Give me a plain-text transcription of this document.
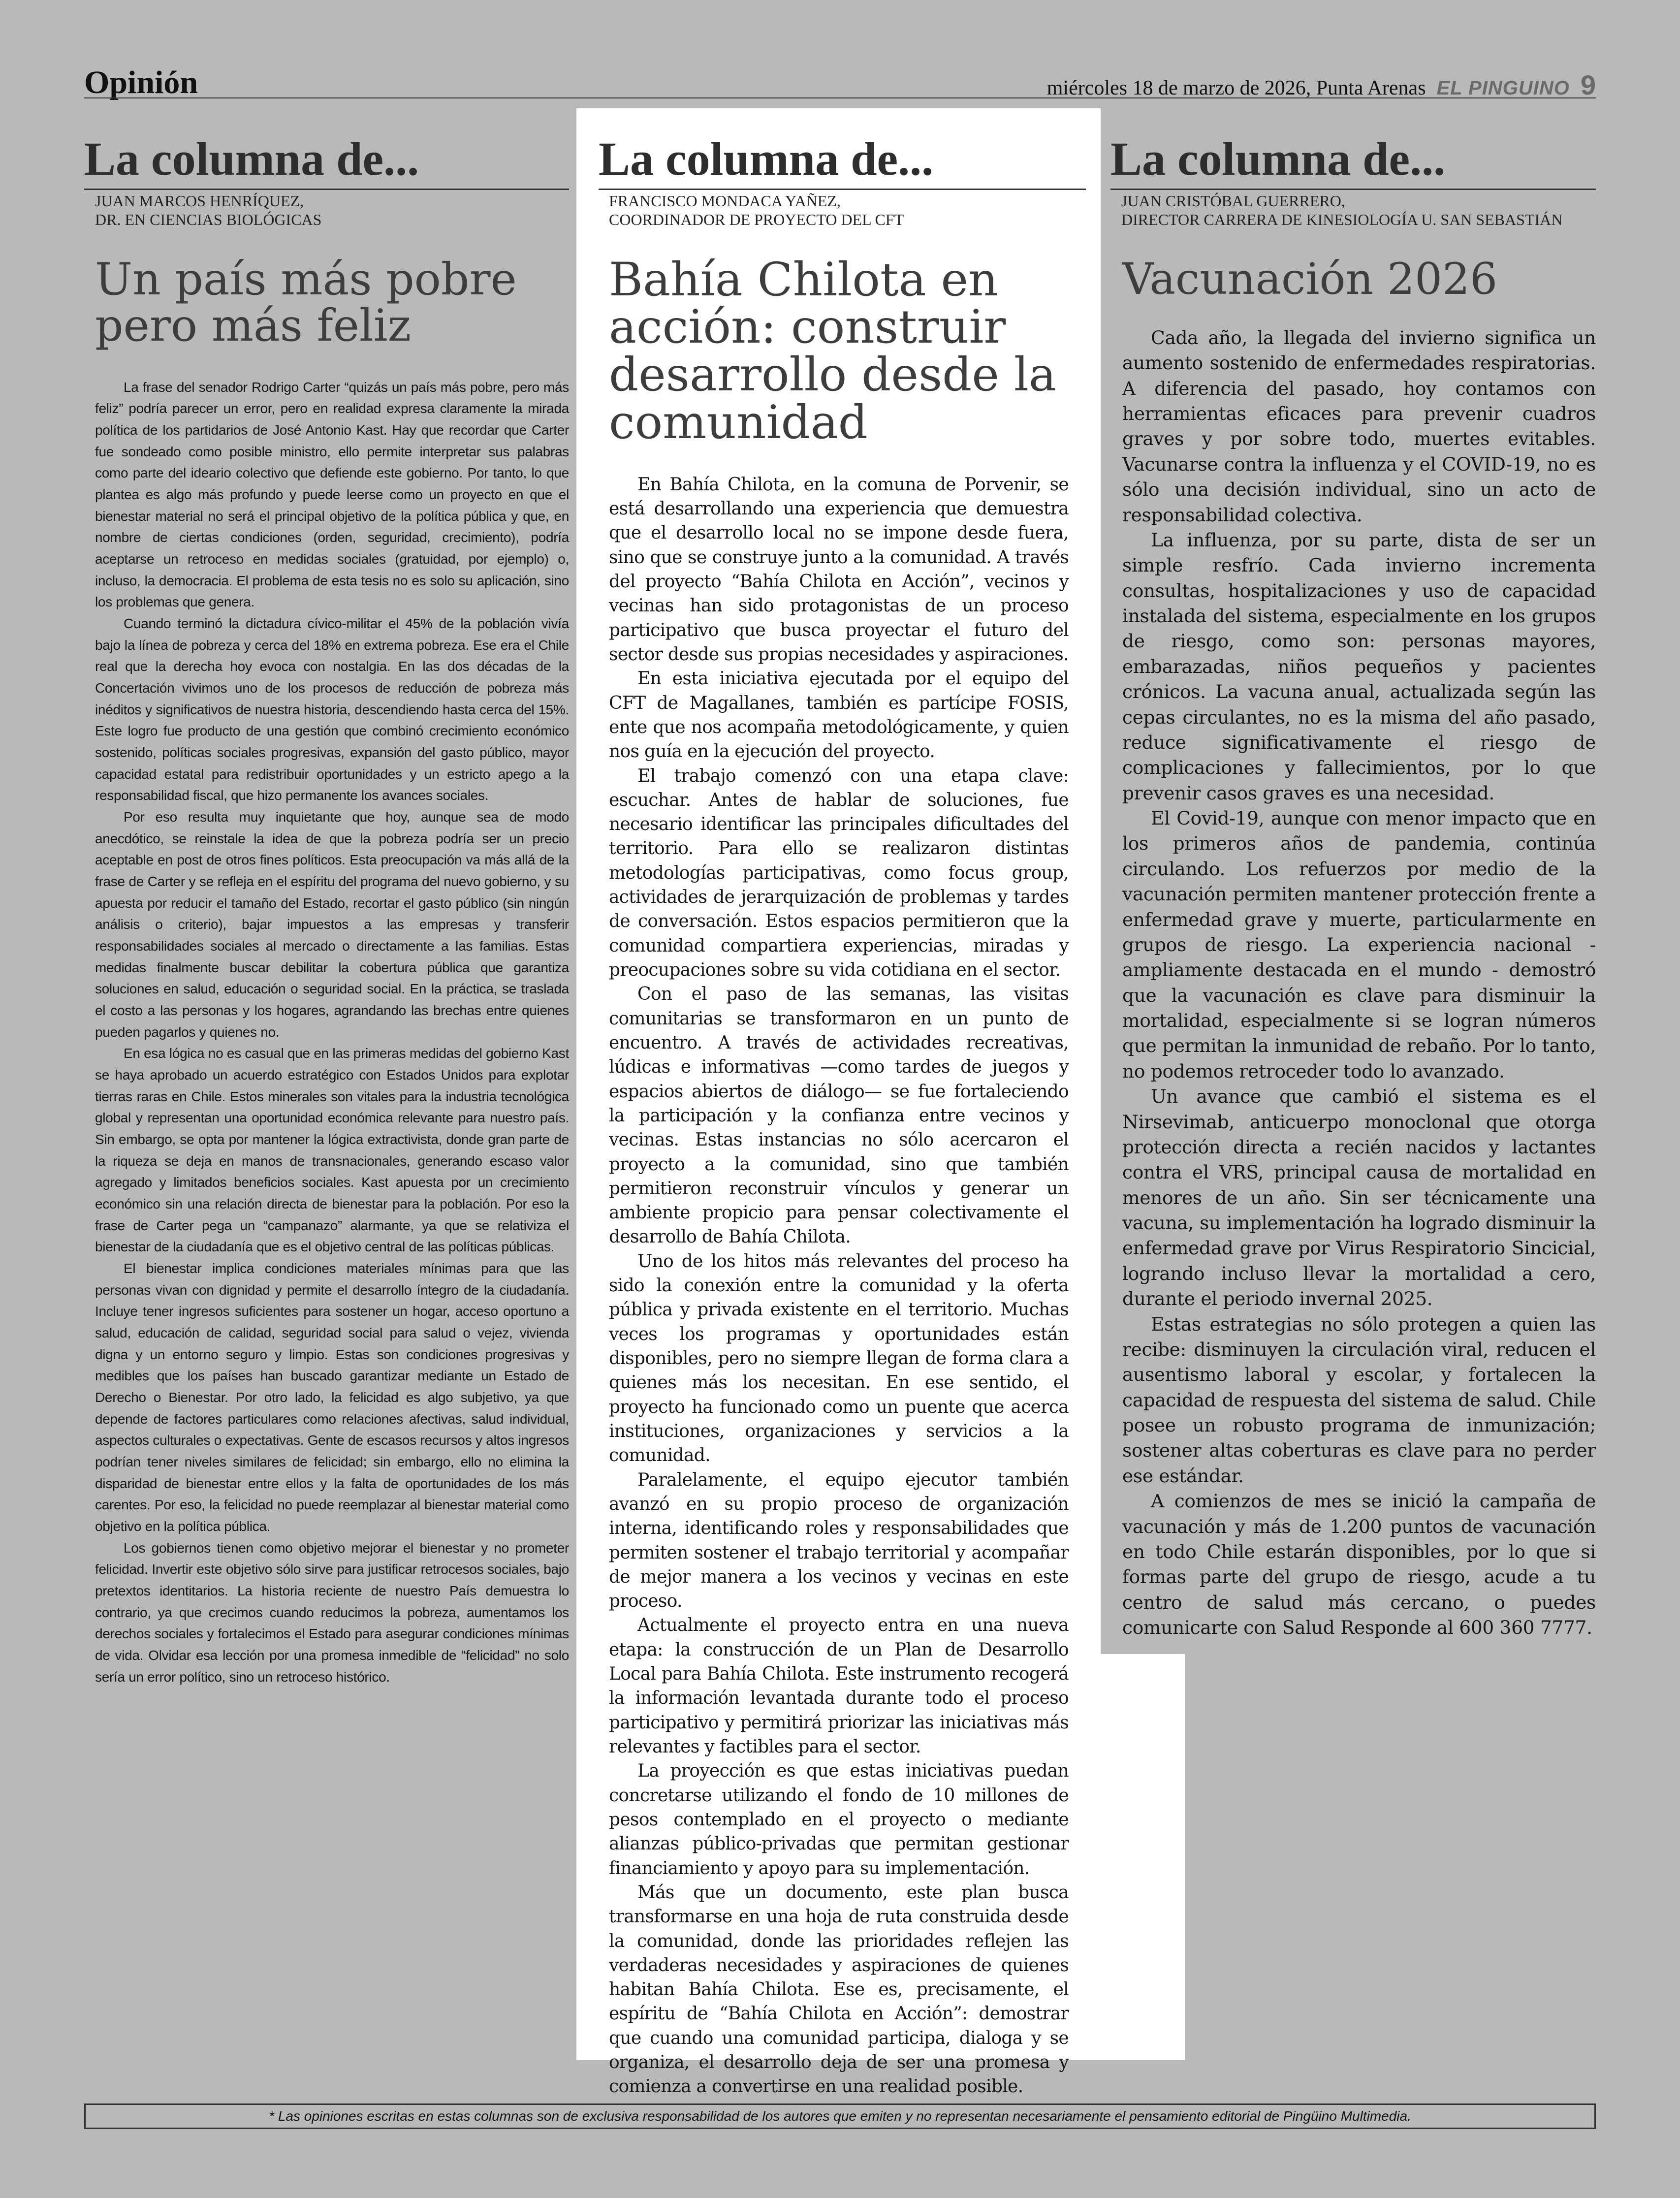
Opinión	miércoles 18 de marzo de 2026, Punta Arenas EL PINGUINO 9
La columna de...
JUAN MARCOS HENRÍQUEZ,
DR. EN CIENCIAS BIOLÓGICAS
Un país más pobre pero más feliz

La frase del senador Rodrigo Carter “quizás un país más pobre, pero más feliz” podría parecer un error, pero en realidad expresa claramente la mirada política de los partidarios de José Antonio Kast. Hay que recordar que Carter fue sondeado como posible ministro, ello permite interpretar sus palabras como parte del ideario colectivo que defiende este gobierno. Por tanto, lo que plantea es algo más profundo y puede leerse como un proyecto en que el bienestar material no será el principal objetivo de la política pública y que, en nombre de ciertas condiciones (orden, seguridad, crecimiento), podría aceptarse un retroceso en medidas sociales (gratuidad, por ejemplo) o, incluso, la democracia. El problema de esta tesis no es solo su aplicación, sino los problemas que genera.

Cuando terminó la dictadura cívico-militar el 45% de la población vivía bajo la línea de pobreza y cerca del 18% en extrema pobreza. Ese era el Chile real que la derecha hoy evoca con nostalgia. En las dos décadas de la Concertación vivimos uno de los procesos de reducción de pobreza más inéditos y significativos de nuestra historia, descendiendo hasta cerca del 15%. Este logro fue producto de una gestión que combinó crecimiento económico sostenido, políticas sociales progresivas, expansión del gasto público, mayor capacidad estatal para redistribuir oportunidades y un estricto apego a la responsabilidad fiscal, que hizo permanente los avances sociales.

Por eso resulta muy inquietante que hoy, aunque sea de modo anecdótico, se reinstale la idea de que la pobreza podría ser un precio aceptable en post de otros fines políticos. Esta preocupación va más allá de la frase de Carter y se refleja en el espíritu del programa del nuevo gobierno, y su apuesta por reducir el tamaño del Estado, recortar el gasto público (sin ningún análisis o criterio), bajar impuestos a las empresas y transferir responsabilidades sociales al mercado o directamente a las familias. Estas medidas finalmente buscar debilitar la cobertura pública que garantiza soluciones en salud, educación o seguridad social. En la práctica, se traslada el costo a las personas y los hogares, agrandando las brechas entre quienes pueden pagarlos y quienes no.

En esa lógica no es casual que en las primeras medidas del gobierno Kast se haya aprobado un acuerdo estratégico con Estados Unidos para explotar tierras raras en Chile. Estos minerales son vitales para la industria tecnológica global y representan una oportunidad económica relevante para nuestro país. Sin embargo, se opta por mantener la lógica extractivista, donde gran parte de la riqueza se deja en manos de transnacionales, generando escaso valor agregado y limitados beneficios sociales. Kast apuesta por un crecimiento económico sin una relación directa de bienestar para la población. Por eso la frase de Carter pega un “campanazo” alarmante, ya que se relativiza el bienestar de la ciudadanía que es el objetivo central de las políticas públicas.

El bienestar implica condiciones materiales mínimas para que las personas vivan con dignidad y permite el desarrollo íntegro de la ciudadanía. Incluye tener ingresos suficientes para sostener un hogar, acceso oportuno a salud, educación de calidad, seguridad social para salud o vejez, vivienda digna y un entorno seguro y limpio. Estas son condiciones progresivas y medibles que los países han buscado garantizar mediante un Estado de Derecho o Bienestar. Por otro lado, la felicidad es algo subjetivo, ya que depende de factores particulares como relaciones afectivas, salud individual, aspectos culturales o expectativas. Gente de escasos recursos y altos ingresos podrían tener niveles similares de felicidad; sin embargo, ello no elimina la disparidad de bienestar entre ellos y la falta de oportunidades de los más carentes. Por eso, la felicidad no puede reemplazar al bienestar material como objetivo en la política pública.

Los gobiernos tienen como objetivo mejorar el bienestar y no prometer felicidad. Invertir este objetivo sólo sirve para justificar retrocesos sociales, bajo pretextos identitarios. La historia reciente de nuestro País demuestra lo contrario, ya que crecimos cuando reducimos la pobreza, aumentamos los derechos sociales y fortalecimos el Estado para asegurar condiciones mínimas de vida. Olvidar esa lección por una promesa inmedible de “felicidad” no solo sería un error político, sino un retroceso histórico.

La columna de...
FRANCISCO MONDACA YAÑEZ,
COORDINADOR DE PROYECTO DEL CFT
Bahía Chilota en acción: construir desarrollo desde la comunidad

En Bahía Chilota, en la comuna de Porvenir, se está desarrollando una experiencia que demuestra que el desarrollo local no se impone desde fuera, sino que se construye junto a la comunidad. A través del proyecto “Bahía Chilota en Acción”, vecinos y vecinas han sido protagonistas de un proceso participativo que busca proyectar el futuro del sector desde sus propias necesidades y aspiraciones.

En esta iniciativa ejecutada por el equipo del CFT de Magallanes, también es partícipe FOSIS, ente que nos acompaña metodológicamente, y quien nos guía en la ejecución del proyecto.

El trabajo comenzó con una etapa clave: escuchar. Antes de hablar de soluciones, fue necesario identificar las principales dificultades del territorio. Para ello se realizaron distintas metodologías participativas, como focus group, actividades de jerarquización de problemas y tardes de conversación. Estos espacios permitieron que la comunidad compartiera experiencias, miradas y preocupaciones sobre su vida cotidiana en el sector.

Con el paso de las semanas, las visitas comunitarias se transformaron en un punto de encuentro. A través de actividades recreativas, lúdicas e informativas —como tardes de juegos y espacios abiertos de diálogo— se fue fortaleciendo la participación y la confianza entre vecinos y vecinas. Estas instancias no sólo acercaron el proyecto a la comunidad, sino que también permitieron reconstruir vínculos y generar un ambiente propicio para pensar colectivamente el desarrollo de Bahía Chilota.

Uno de los hitos más relevantes del proceso ha sido la conexión entre la comunidad y la oferta pública y privada existente en el territorio. Muchas veces los programas y oportunidades están disponibles, pero no siempre llegan de forma clara a quienes más los necesitan. En ese sentido, el proyecto ha funcionado como un puente que acerca instituciones, organizaciones y servicios a la comunidad.

Paralelamente, el equipo ejecutor también avanzó en su propio proceso de organización interna, identificando roles y responsabilidades que permiten sostener el trabajo territorial y acompañar de mejor manera a los vecinos y vecinas en este proceso.

Actualmente el proyecto entra en una nueva etapa: la construcción de un Plan de Desarrollo Local para Bahía Chilota. Este instrumento recogerá la información levantada durante todo el proceso participativo y permitirá priorizar las iniciativas más relevantes y factibles para el sector.

La proyección es que estas iniciativas puedan concretarse utilizando el fondo de 10 millones de pesos contemplado en el proyecto o mediante alianzas público-privadas que permitan gestionar financiamiento y apoyo para su implementación.

Más que un documento, este plan busca transformarse en una hoja de ruta construida desde la comunidad, donde las prioridades reflejen las verdaderas necesidades y aspiraciones de quienes habitan Bahía Chilota. Ese es, precisamente, el espíritu de “Bahía Chilota en Acción”: demostrar que cuando una comunidad participa, dialoga y se organiza, el desarrollo deja de ser una promesa y comienza a convertirse en una realidad posible.

La columna de...
JUAN CRISTÓBAL GUERRERO,
DIRECTOR CARRERA DE KINESIOLOGÍA U. SAN SEBASTIÁN
Vacunación 2026

Cada año, la llegada del invierno significa un aumento sostenido de enfermedades respiratorias. A diferencia del pasado, hoy contamos con herramientas eficaces para prevenir cuadros graves y por sobre todo, muertes evitables. Vacunarse contra la influenza y el COVID-19, no es sólo una decisión individual, sino un acto de responsabilidad colectiva.

La influenza, por su parte, dista de ser un simple resfrío. Cada invierno incrementa consultas, hospitalizaciones y uso de capacidad instalada del sistema, especialmente en los grupos de riesgo, como son: personas mayores, embarazadas, niños pequeños y pacientes crónicos. La vacuna anual, actualizada según las cepas circulantes, no es la misma del año pasado, reduce significativamente el riesgo de complicaciones y fallecimientos, por lo que prevenir casos graves es una necesidad.

El Covid-19, aunque con menor impacto que en los primeros años de pandemia, continúa circulando. Los refuerzos por medio de la vacunación permiten mantener protección frente a enfermedad grave y muerte, particularmente en grupos de riesgo. La experiencia nacional - ampliamente destacada en el mundo - demostró que la vacunación es clave para disminuir la mortalidad, especialmente si se logran números que permitan la inmunidad de rebaño. Por lo tanto, no podemos retroceder todo lo avanzado.

Un avance que cambió el sistema es el Nirsevimab, anticuerpo monoclonal que otorga protección directa a recién nacidos y lactantes contra el VRS, principal causa de mortalidad en menores de un año. Sin ser técnicamente una vacuna, su implementación ha logrado disminuir la enfermedad grave por Virus Respiratorio Sincicial, logrando incluso llevar la mortalidad a cero, durante el periodo invernal 2025.

Estas estrategias no sólo protegen a quien las recibe: disminuyen la circulación viral, reducen el ausentismo laboral y escolar, y fortalecen la capacidad de respuesta del sistema de salud. Chile posee un robusto programa de inmunización; sostener altas coberturas es clave para no perder ese estándar.

A comienzos de mes se inició la campaña de vacunación y más de 1.200 puntos de vacunación en todo Chile estarán disponibles, por lo que si formas parte del grupo de riesgo, acude a tu centro de salud más cercano, o puedes comunicarte con Salud Responde al 600 360 7777.

* Las opiniones escritas en estas columnas son de exclusiva responsabilidad de los autores que emiten y no representan necesariamente el pensamiento editorial de Pingüino Multimedia.
